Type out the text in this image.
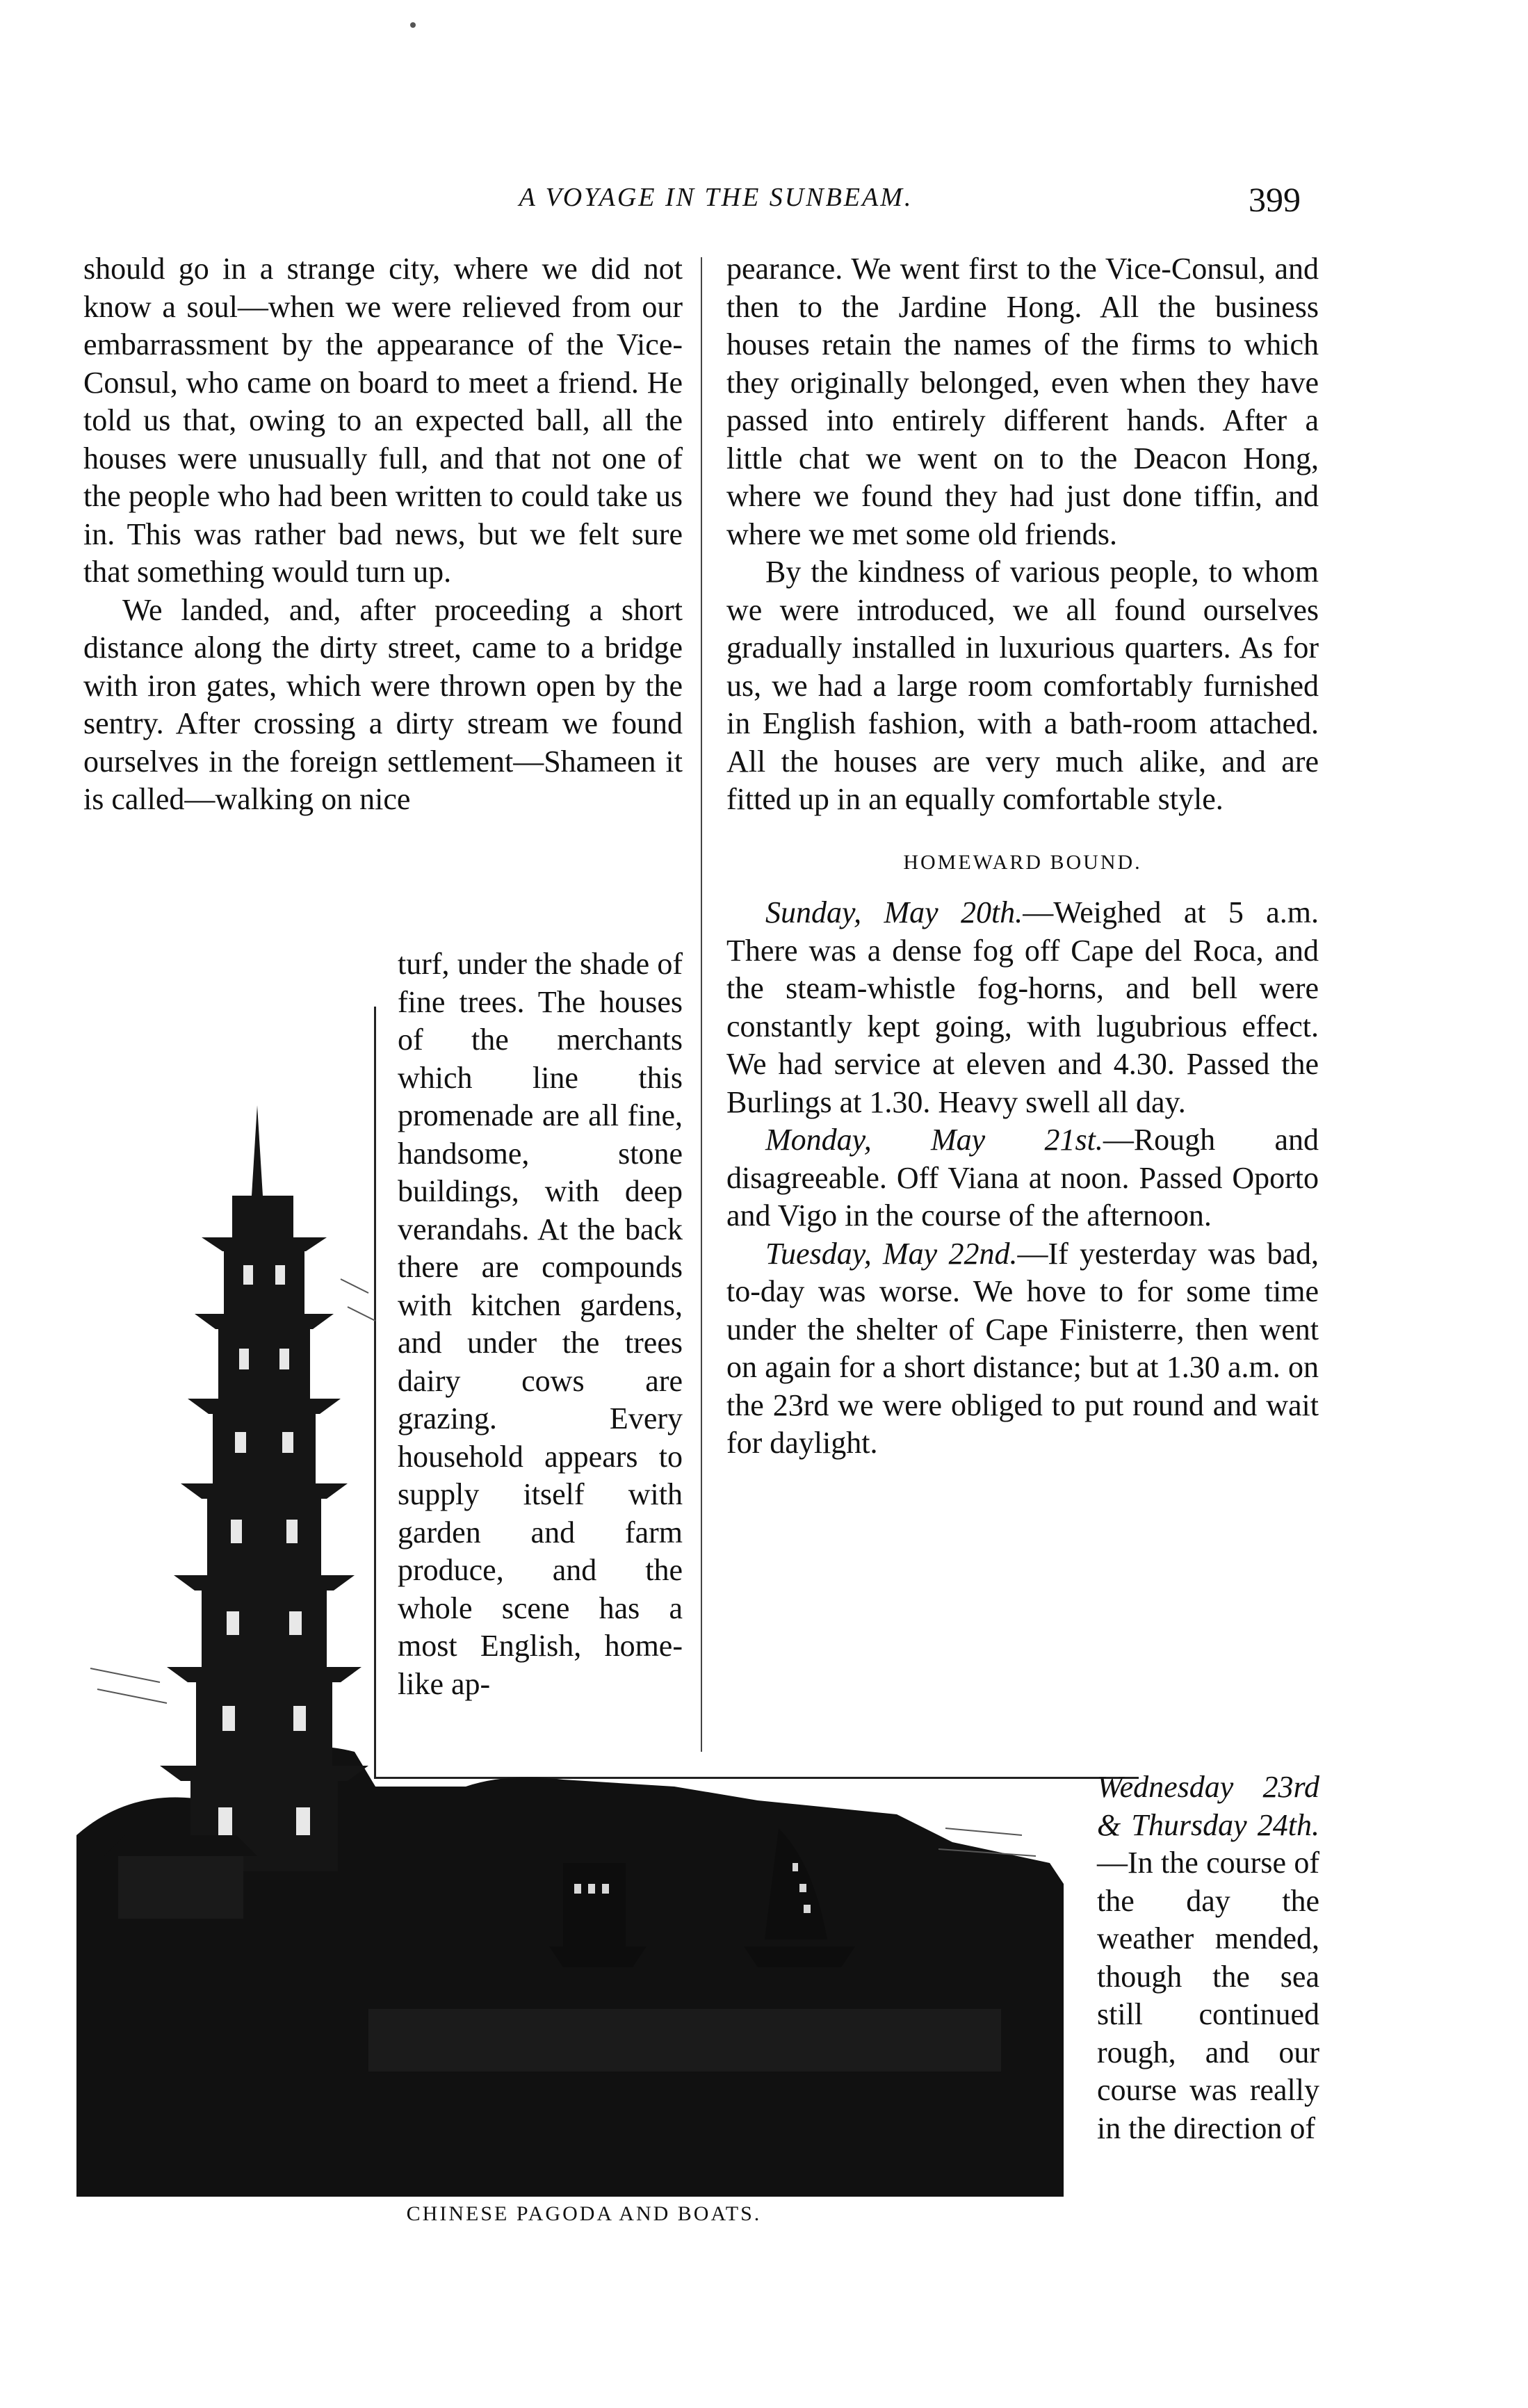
A VOYAGE IN THE SUNBEAM.	399

should go in a strange city, where we did not know a soul—when we were relieved from our embarrassment by the appearance of the Vice-Consul, who came on board to meet a friend. He told us that, owing to an expected ball, all the houses were unusually full, and that not one of the people who had been written to could take us in. This was rather bad news, but we felt sure that something would turn up.

We landed, and, after proceeding a short distance along the dirty street, came to a bridge with iron gates, which were thrown open by the sentry. After crossing a dirty stream we found ourselves in the foreign settlement—Shameen it is called—walking on nice

turf, under the shade of fine trees. The houses of the merchants which line this promenade are all fine, handsome, stone buildings, with deep verandahs. At the back there are compounds with kitchen gardens, and under the trees dairy cows are grazing. Every household appears to supply itself with garden and farm produce, and the whole scene has a most English, home-like ap-

pearance. We went first to the Vice-Consul, and then to the Jardine Hong. All the business houses retain the names of the firms to which they originally belonged, even when they have passed into entirely different hands. After a little chat we went on to the Deacon Hong, where we found they had just done tiffin, and where we met some old friends.

By the kindness of various people, to whom we were introduced, we all found ourselves gradually installed in luxurious quarters. As for us, we had a large room comfortably furnished in English fashion, with a bath-room attached. All the houses are very much alike, and are fitted up in an equally comfortable style.

HOMEWARD BOUND.

Sunday, May 20th.—Weighed at 5 a.m. There was a dense fog off Cape del Roca, and the steam-whistle fog-horns, and bell were constantly kept going, with lugubrious effect. We had service at eleven and 4.30. Passed the Burlings at 1.30. Heavy swell all day.

Monday, May 21st.—Rough and disagreeable. Off Viana at noon. Passed Oporto and Vigo in the course of the afternoon.

Tuesday, May 22nd.—If yesterday was bad, to-day was worse. We hove to for some time under the shelter of Cape Finisterre, then went on again for a short distance; but at 1.30 a.m. on the 23rd we were obliged to put round and wait for daylight.

Wednesday 23rd & Thursday 24th.—In the course of the day the weather mended, though the sea still continued rough, and our course was really in the direction of

CHINESE PAGODA AND BOATS.
